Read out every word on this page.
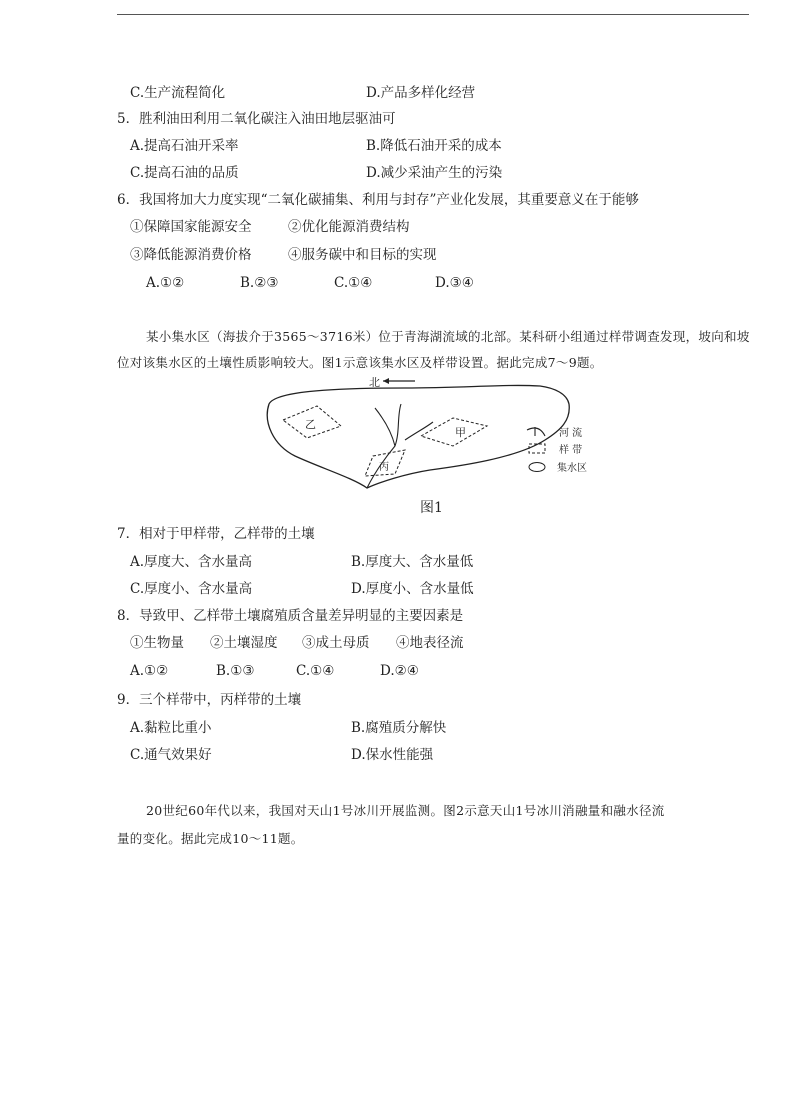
C.生产流程简化	D.产品多样化经营
5．胜利油田利用二氧化碳注入油田地层驱油可
A.提高石油开采率	B.降低石油开采的成本
C.提高石油的品质	D.减少采油产生的污染
6．我国将加大力度实现“二氧化碳捕集、利用与封存”产业化发展，其重要意义在于能够
①保障国家能源安全	②优化能源消费结构
③降低能源消费价格	④服务碳中和目标的实现
A.①②	B.②③	C.①④	D.③④
某小集水区（海拔介于3565～3716米）位于青海湖流域的北部。某科研小组通过样带调查发现，坡向和坡
位对该集水区的土壤性质影响较大。图1示意该集水区及样带设置。据此完成7～9题。
北
乙
甲
丙
河 流
样 带
集水区
图1
7．相对于甲样带，乙样带的土壤
A.厚度大、含水量高	B.厚度大、含水量低
C.厚度小、含水量高	D.厚度小、含水量低
8．导致甲、乙样带土壤腐殖质含量差异明显的主要因素是
①生物量 ②土壤湿度 ③成土母质 ④地表径流
A.①②	B.①③	C.①④	D.②④
9．三个样带中，丙样带的土壤
A.黏粒比重小	B.腐殖质分解快
C.通气效果好	D.保水性能强
20世纪60年代以来，我国对天山1号冰川开展监测。图2示意天山1号冰川消融量和融水径流
量的变化。据此完成10～11题。
